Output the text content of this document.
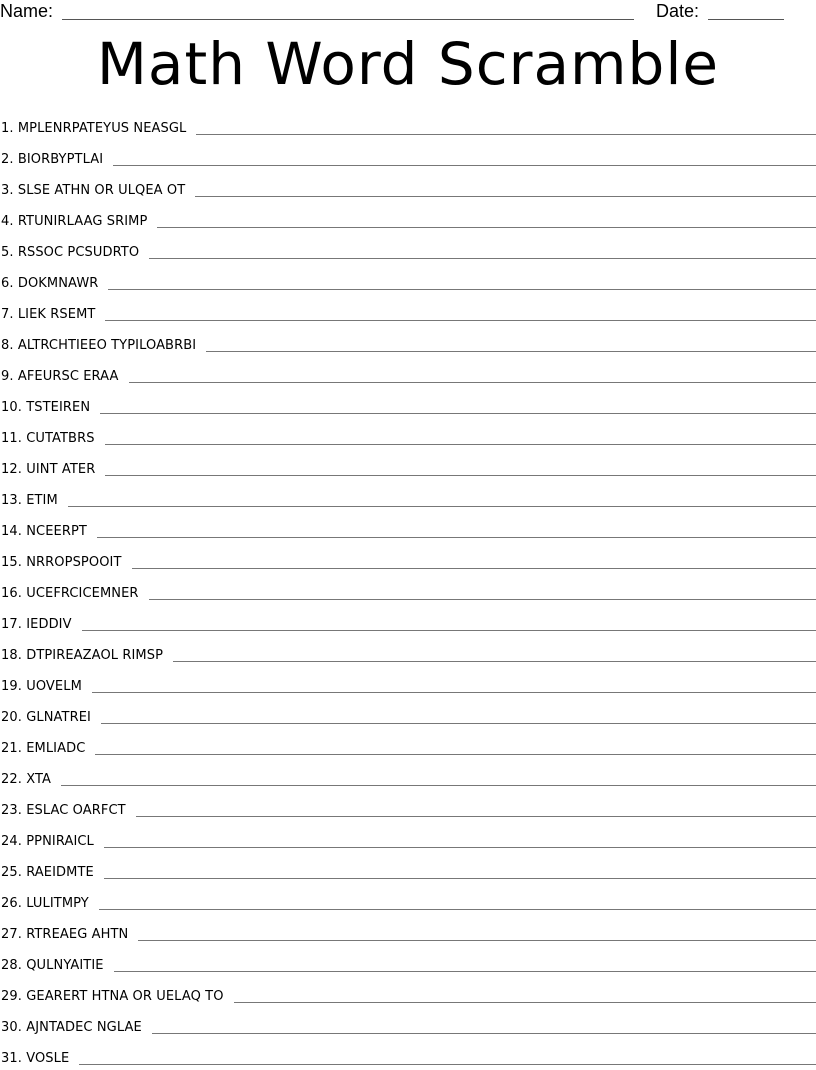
Name:	Date:
Math Word Scramble
1. MPLENRPATEYUS NEASGL
2. BIORBYPTLAI
3. SLSE ATHN OR ULQEA OT
4. RTUNIRLAAG SRIMP
5. RSSOC PCSUDRTO
6. DOKMNAWR
7. LIEK RSEMT
8. ALTRCHTIEEO TYPILOABRBI
9. AFEURSC ERAA
10. TSTEIREN
11. CUTATBRS
12. UINT ATER
13. ETIM
14. NCEERPT
15. NRROPSPOOIT
16. UCEFRCICEMNER
17. IEDDIV
18. DTPIREAZAOL RIMSP
19. UOVELM
20. GLNATREI
21. EMLIADC
22. XTA
23. ESLAC OARFCT
24. PPNIRAICL
25. RAEIDMTE
26. LULITMPY
27. RTREAEG AHTN
28. QULNYAITIE
29. GEARERT HTNA OR UELAQ TO
30. AJNTADEC NGLAE
31. VOSLE
